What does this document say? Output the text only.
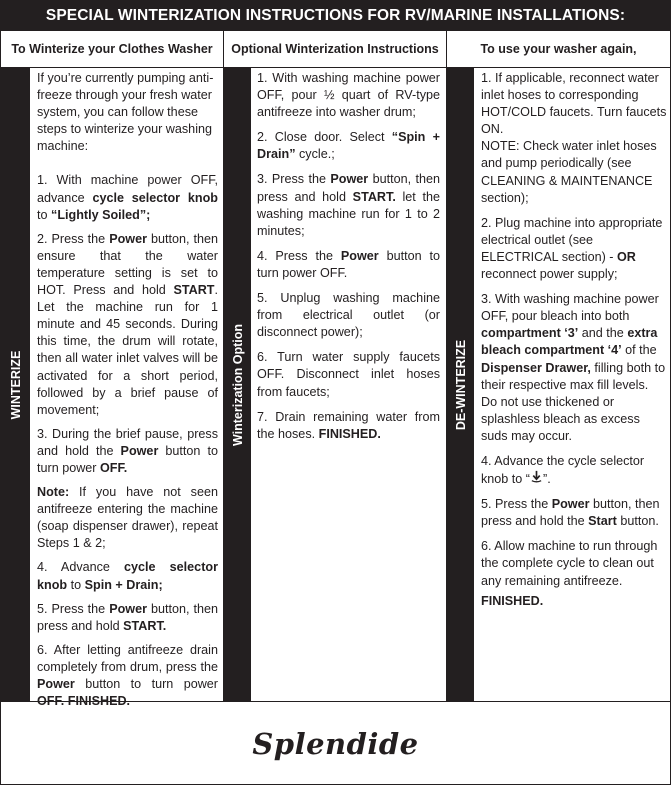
SPECIAL WINTERIZATION INSTRUCTIONS FOR RV/MARINE INSTALLATIONS:
To Winterize your Clothes Washer	Optional Winterization Instructions	To use your washer again,
WINTERIZE

If you’re currently pumping anti-freeze through your fresh water system, you can follow these steps to winterize your washing machine:

1. With machine power OFF, advance cycle selector knob to “Lightly Soiled”;

2. Press the Power button, then ensure that the water temperature setting is set to HOT. Press and hold START. Let the machine run for 1 minute and 45 seconds. During this time, the drum will rotate, then all water inlet valves will be activated for a short period, followed by a brief pause of movement;

3. During the brief pause, press and hold the Power button to turn power OFF.

Note: If you have not seen antifreeze entering the machine (soap dispenser drawer), repeat Steps 1 & 2;

4. Advance cycle selector knob to Spin + Drain;

5. Press the Power button, then press and hold START.

6. After letting antifreeze drain completely from drum, press the Power button to turn power OFF. FINISHED.

Winterization Option

1. With washing machine power OFF, pour ½ quart of RV-type antifreeze into washer drum;

2. Close door. Select “Spin + Drain” cycle.;

3. Press the Power button, then press and hold START. let the washing machine run for 1 to 2 minutes;

4. Press the Power button to turn power OFF.

5. Unplug washing machine from electrical outlet (or disconnect power);

6. Turn water supply faucets OFF. Disconnect inlet hoses from faucets;

7. Drain remaining water from the hoses. FINISHED.

DE-WINTERIZE

1. If applicable, reconnect water inlet hoses to corresponding HOT/COLD faucets. Turn faucets ON.

NOTE: Check water inlet hoses and pump periodically (see CLEANING & MAINTENANCE section);

2. Plug machine into appropriate electrical outlet (see ELECTRICAL section) - OR reconnect power supply;

3. With washing machine power OFF, pour bleach into both compartment ‘3’ and the extra bleach compartment ‘4’ of the Dispenser Drawer, filling both to their respective max fill levels. Do not use thickened or splashless bleach as excess suds may occur.

4. Advance the cycle selector knob to “ ”.

5. Press the Power button, then press and hold the Start button.

6. Allow machine to run through the complete cycle to clean out any remaining antifreeze.

FINISHED.

Splendide
